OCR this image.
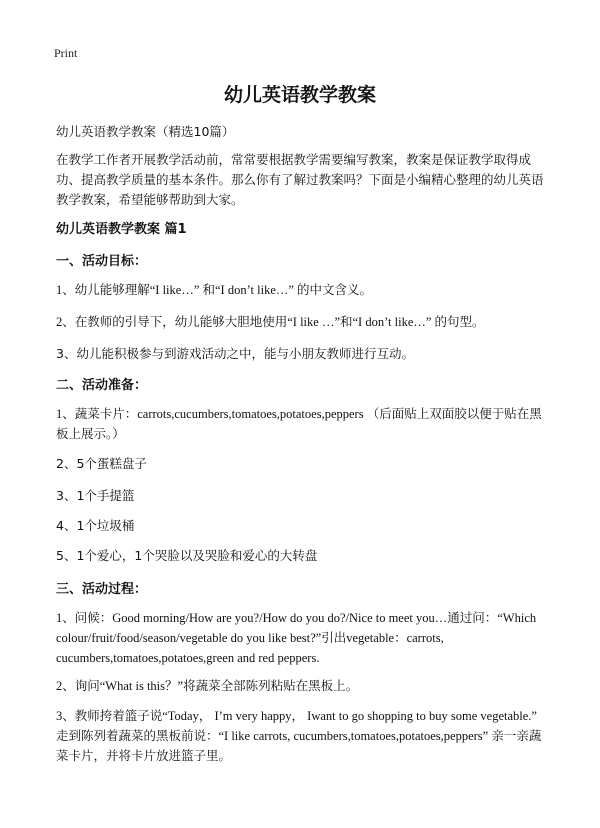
Print
幼儿英语教学教案

幼儿英语教学教案（精选10篇）

在教学工作者开展教学活动前，常常要根据教学需要编写教案，教案是保证教学取得成功、提高教学质量的基本条件。那么你有了解过教案吗？下面是小编精心整理的幼儿英语教学教案，希望能够帮助到大家。

幼儿英语教学教案 篇1

一、活动目标：

1、幼儿能够理解“I like…” 和“I don’t like…” 的中文含义。

2、在教师的引导下，幼儿能够大胆地使用“I like …”和“I don’t like…” 的句型。

3、幼儿能积极参与到游戏活动之中，能与小朋友教师进行互动。

二、活动准备：

1、蔬菜卡片：carrots,cucumbers,tomatoes,potatoes,peppers （后面贴上双面胶以便于贴在黑板上展示。）

2、5个蛋糕盘子

3、1个手提篮

4、1个垃圾桶

5、1个爱心，1个哭脸以及哭脸和爱心的大转盘

三、活动过程：

1、问候：Good morning/How are you?/How do you do?/Nice to meet you…通过问：“Which colour/fruit/food/season/vegetable do you like best?”引出vegetable：carrots, cucumbers,tomatoes,potatoes,green and red peppers.

2、询问“What is this？”将蔬菜全部陈列粘贴在黑板上。

3、教师挎着篮子说“Today， I’m very happy， Iwant to go shopping to buy some vegetable.” 走到陈列着蔬菜的黑板前说：“I like carrots, cucumbers,tomatoes,potatoes,peppers” 亲一亲蔬菜卡片，并将卡片放进篮子里。
